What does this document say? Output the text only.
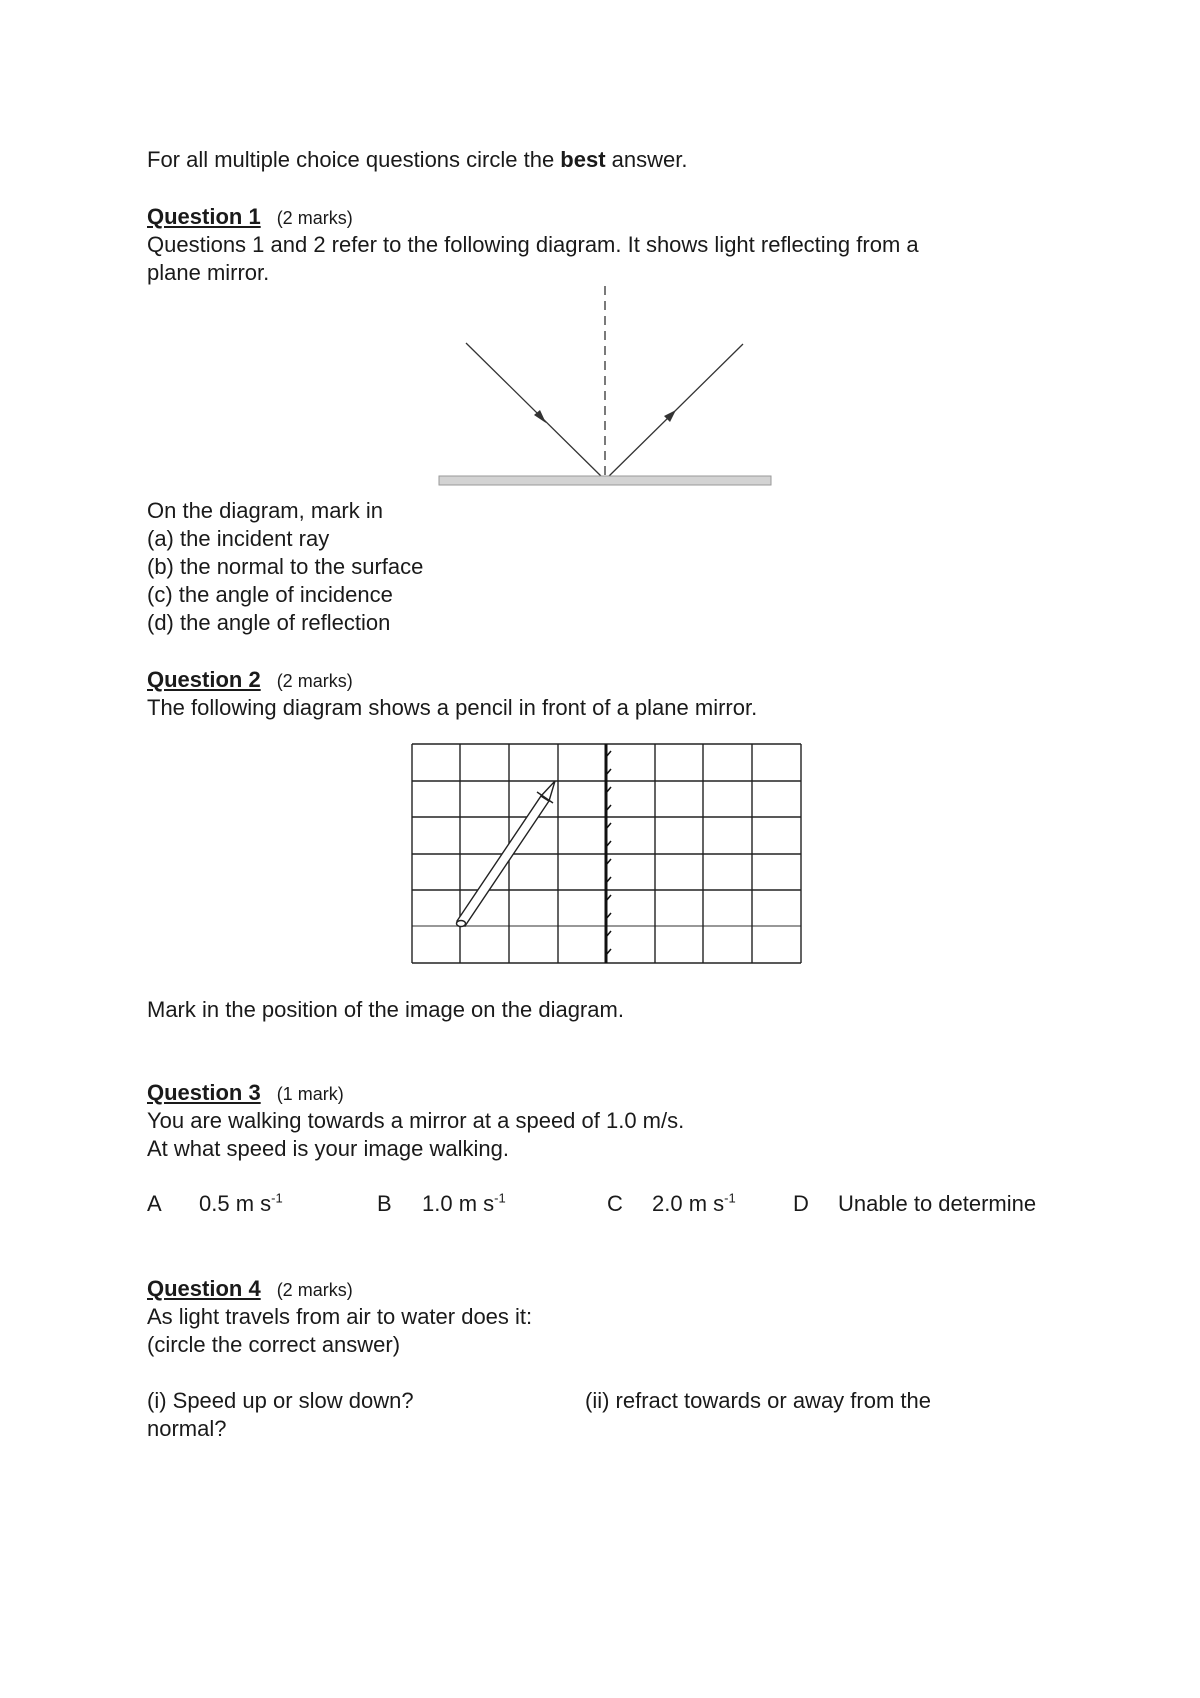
For all multiple choice questions circle the best answer.
Question 1 (2 marks)
Questions 1 and 2 refer to the following diagram. It shows light reflecting from a
plane mirror.
On the diagram, mark in
(a) the incident ray
(b) the normal to the surface
(c) the angle of incidence
(d) the angle of reflection
Question 2 (2 marks)
The following diagram shows a pencil in front of a plane mirror.
Mark in the position of the image on the diagram.
Question 3 (1 mark)
You are walking towards a mirror at a speed of 1.0 m/s.
At what speed is your image walking.
A 0.5 m $s^{-1}$	B 1.0 m $s^{-1}$	C 2.0 m $s^{-1}$	D Unable to determine
Question 4 (2 marks)
As light travels from air to water does it:
(circle the correct answer)
(i) Speed up or slow down?	(ii) refract towards or away from the
normal?
